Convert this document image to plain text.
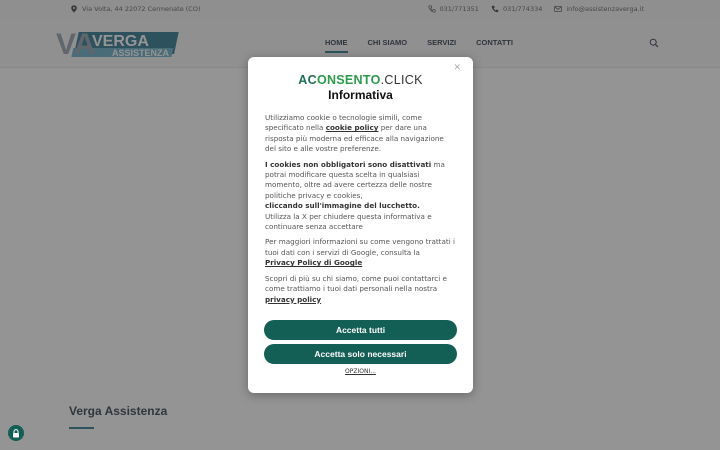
✕
ACONSENTO.CLICK
Informativa

Utilizziamo cookie o tecnologie simili, come specificato nella cookie policy per dare una risposta più moderna ed efficace alla navigazione del sito e alle vostre preferenze.

I cookies non obbligatori sono disattivati ma potrai modificare questa scelta in qualsiasi momento, oltre ad avere certezza delle nostre politiche privacy e cookies,
cliccando sull'immagine del lucchetto.
Utilizza la X per chiudere questa informativa e continuare senza accettare

Per maggiori informazioni su come vengono trattati i tuoi dati con i servizi di Google, consulta la
Privacy Policy di Google

Scopri di più su chi siamo, come puoi contattarci e come trattiamo i tuoi dati personali nella nostra
privacy policy

Accetta tutti
Accetta solo necessari
OPZIONI...
